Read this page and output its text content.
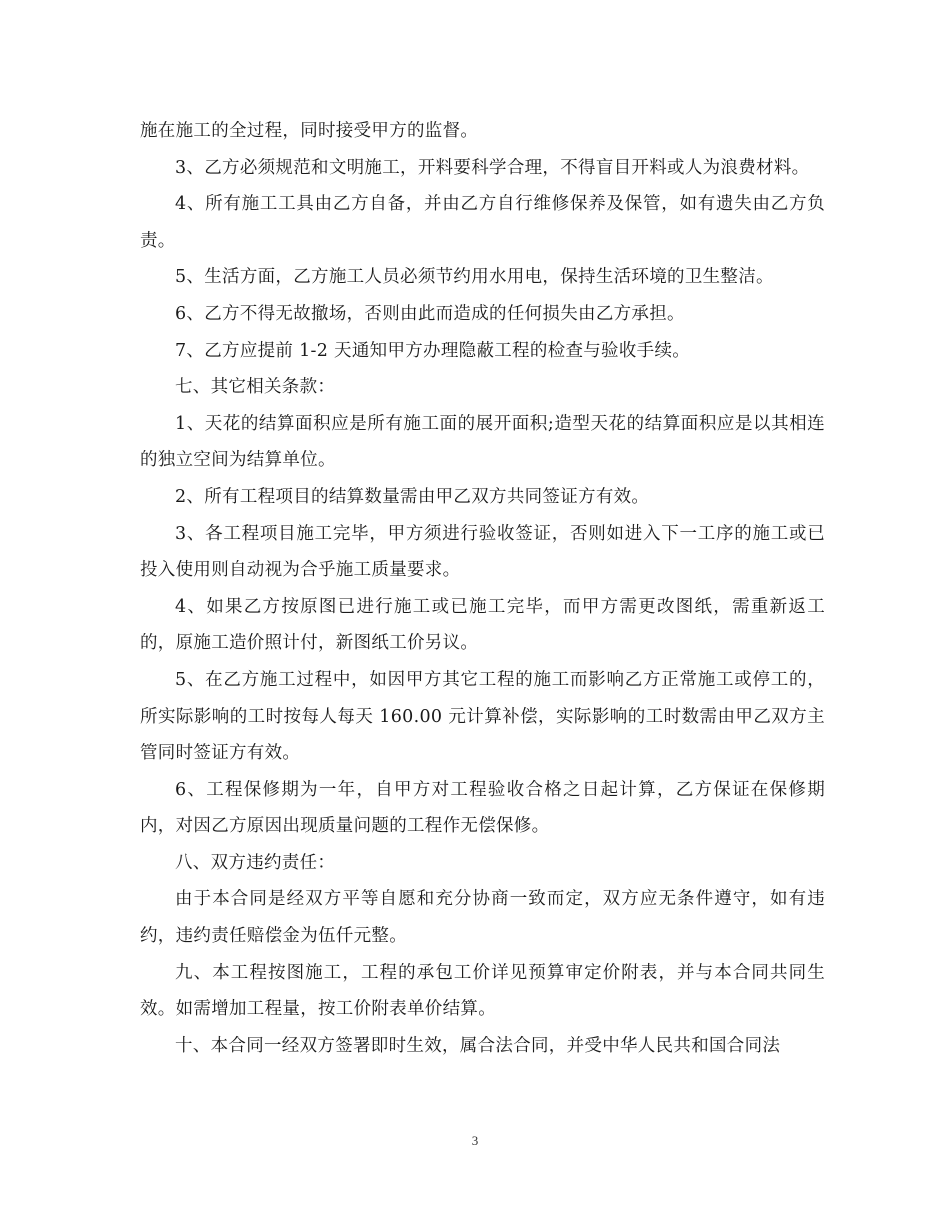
施在施工的全过程，同时接受甲方的监督。

3、乙方必须规范和文明施工，开料要科学合理，不得盲目开料或人为浪费材料。

4、所有施工工具由乙方自备，并由乙方自行维修保养及保管，如有遗失由乙方负责。

5、生活方面，乙方施工人员必须节约用水用电，保持生活环境的卫生整洁。

6、乙方不得无故撤场，否则由此而造成的任何损失由乙方承担。

7、乙方应提前 1-2 天通知甲方办理隐蔽工程的检查与验收手续。

七、其它相关条款：

1、天花的结算面积应是所有施工面的展开面积;造型天花的结算面积应是以其相连的独立空间为结算单位。

2、所有工程项目的结算数量需由甲乙双方共同签证方有效。

3、各工程项目施工完毕，甲方须进行验收签证，否则如进入下一工序的施工或已投入使用则自动视为合乎施工质量要求。

4、如果乙方按原图已进行施工或已施工完毕，而甲方需更改图纸，需重新返工的，原施工造价照计付，新图纸工价另议。

5、在乙方施工过程中，如因甲方其它工程的施工而影响乙方正常施工或停工的，所实际影响的工时按每人每天 160.00 元计算补偿，实际影响的工时数需由甲乙双方主管同时签证方有效。

6、工程保修期为一年，自甲方对工程验收合格之日起计算，乙方保证在保修期内，对因乙方原因出现质量问题的工程作无偿保修。

八、双方违约责任：

由于本合同是经双方平等自愿和充分协商一致而定，双方应无条件遵守，如有违约，违约责任赔偿金为伍仟元整。

九、本工程按图施工，工程的承包工价详见预算审定价附表，并与本合同共同生效。如需增加工程量，按工价附表单价结算。

十、本合同一经双方签署即时生效，属合法合同，并受中华人民共和国合同法

3
